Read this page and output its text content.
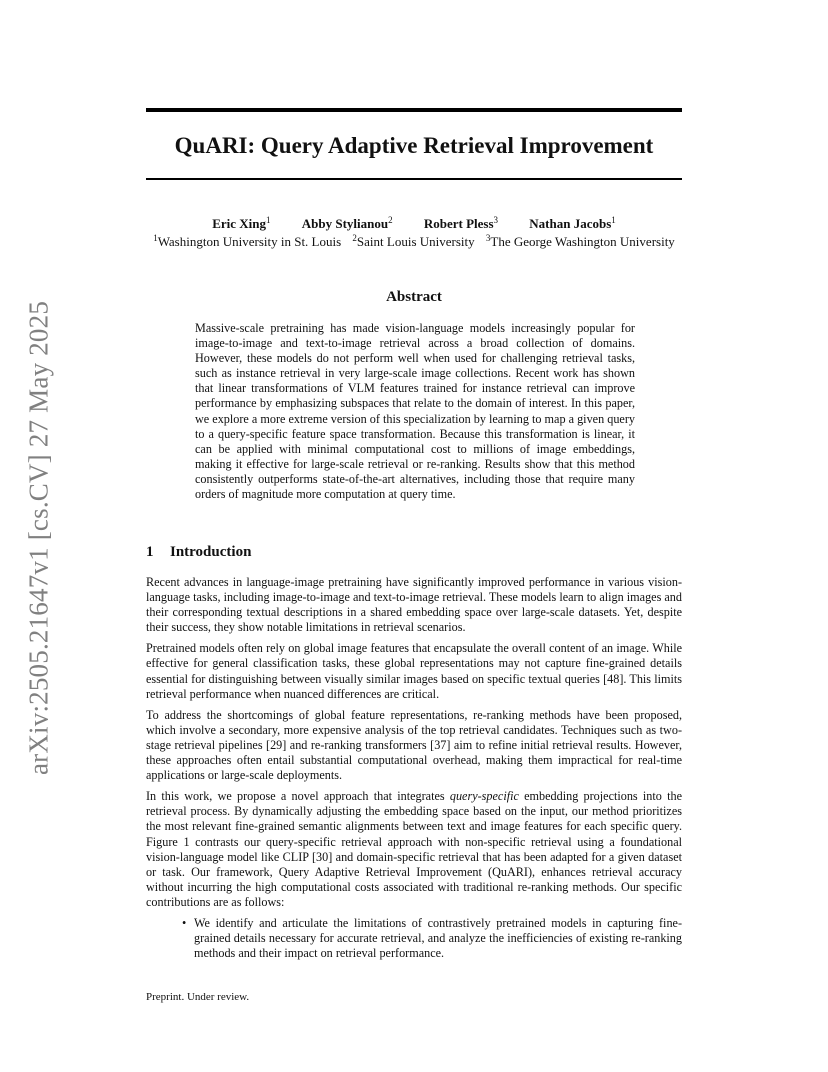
arXiv:2505.21647v1 [cs.CV] 27 May 2025
QuARI: Query Adaptive Retrieval Improvement
Eric Xing$^1$ Abby Stylianou$^2$ Robert Pless$^3$ Nathan Jacobs$^1$
$^1$Washington University in St. Louis $^2$Saint Louis University $^3$The George Washington University
Abstract

Massive-scale pretraining has made vision-language models increasingly popular for image-to-image and text-to-image retrieval across a broad collection of domains. However, these models do not perform well when used for challenging retrieval tasks, such as instance retrieval in very large-scale image collections. Recent work has shown that linear transformations of VLM features trained for instance retrieval can improve performance by emphasizing subspaces that relate to the domain of interest. In this paper, we explore a more extreme version of this specialization by learning to map a given query to a query-specific feature space transformation. Because this transformation is linear, it can be applied with minimal computational cost to millions of image embeddings, making it effective for large-scale retrieval or re-ranking. Results show that this method consistently outperforms state-of-the-art alternatives, including those that require many orders of magnitude more computation at query time.

1 Introduction

Recent advances in language-image pretraining have significantly improved performance in various vision-language tasks, including image-to-image and text-to-image retrieval. These models learn to align images and their corresponding textual descriptions in a shared embedding space over large-scale datasets. Yet, despite their success, they show notable limitations in retrieval scenarios.

Pretrained models often rely on global image features that encapsulate the overall content of an image. While effective for general classification tasks, these global representations may not capture fine-grained details essential for distinguishing between visually similar images based on specific textual queries [48]. This limits retrieval performance when nuanced differences are critical.

To address the shortcomings of global feature representations, re-ranking methods have been proposed, which involve a secondary, more expensive analysis of the top retrieval candidates. Techniques such as two-stage retrieval pipelines [29] and re-ranking transformers [37] aim to refine initial retrieval results. However, these approaches often entail substantial computational overhead, making them impractical for real-time applications or large-scale deployments.

In this work, we propose a novel approach that integrates query-specific embedding projections into the retrieval process. By dynamically adjusting the embedding space based on the input, our method prioritizes the most relevant fine-grained semantic alignments between text and image features for each specific query. Figure 1 contrasts our query-specific retrieval approach with non-specific retrieval using a foundational vision-language model like CLIP [30] and domain-specific retrieval that has been adapted for a given dataset or task. Our framework, Query Adaptive Retrieval Improvement (QuARI), enhances retrieval accuracy without incurring the high computational costs associated with traditional re-ranking methods. Our specific contributions are as follows:

• We identify and articulate the limitations of contrastively pretrained models in capturing fine-grained details necessary for accurate retrieval, and analyze the inefficiencies of existing re-ranking methods and their impact on retrieval performance.
Preprint. Under review.
